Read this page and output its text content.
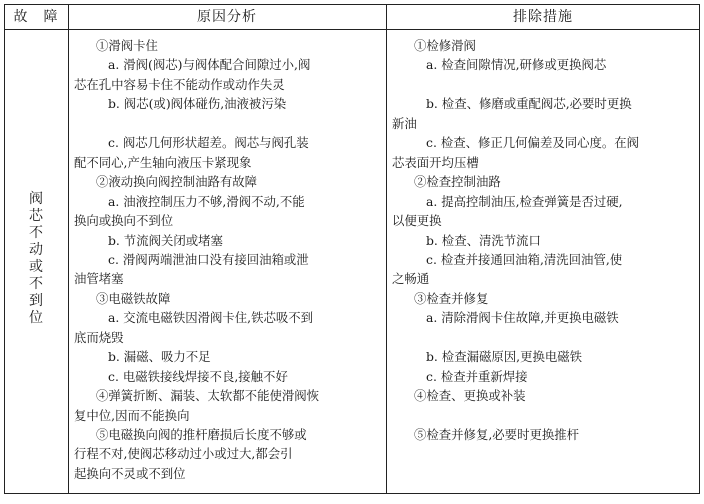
故　障	原因分析	排除措施
阀
芯
不
动
或
不
到
位
①滑阀卡住
a. 滑阀(阀芯)与阀体配合间隙过小,阀
芯在孔中容易卡住不能动作或动作失灵
b. 阀芯(或)阀体碰伤,油液被污染
c. 阀芯几何形状超差。阀芯与阀孔装
配不同心,产生轴向液压卡紧现象
②液动换向阀控制油路有故障
a. 油液控制压力不够,滑阀不动,不能
换向或换向不到位
b. 节流阀关闭或堵塞
c. 滑阀两端泄油口没有接回油箱或泄
油管堵塞
③电磁铁故障
a. 交流电磁铁因滑阀卡住,铁芯吸不到
底而烧毁
b. 漏磁、吸力不足
c. 电磁铁接线焊接不良,接触不好
④弹簧折断、漏装、太软都不能使滑阀恢
复中位,因而不能换向
⑤电磁换向阀的推杆磨损后长度不够或
行程不对,使阀芯移动过小或过大,都会引
起换向不灵或不到位
①检修滑阀
a. 检查间隙情况,研修或更换阀芯
b. 检查、修磨或重配阀芯,必要时更换
新油
c. 检查、修正几何偏差及同心度。在阀
芯表面开均压槽
②检查控制油路
a. 提高控制油压,检查弹簧是否过硬,
以便更换
b. 检查、清洗节流口
c. 检查并接通回油箱,清洗回油管,使
之畅通
③检查并修复
a. 清除滑阀卡住故障,并更换电磁铁
b. 检查漏磁原因,更换电磁铁
c. 检查并重新焊接
④检查、更换或补装
⑤检查并修复,必要时更换推杆
